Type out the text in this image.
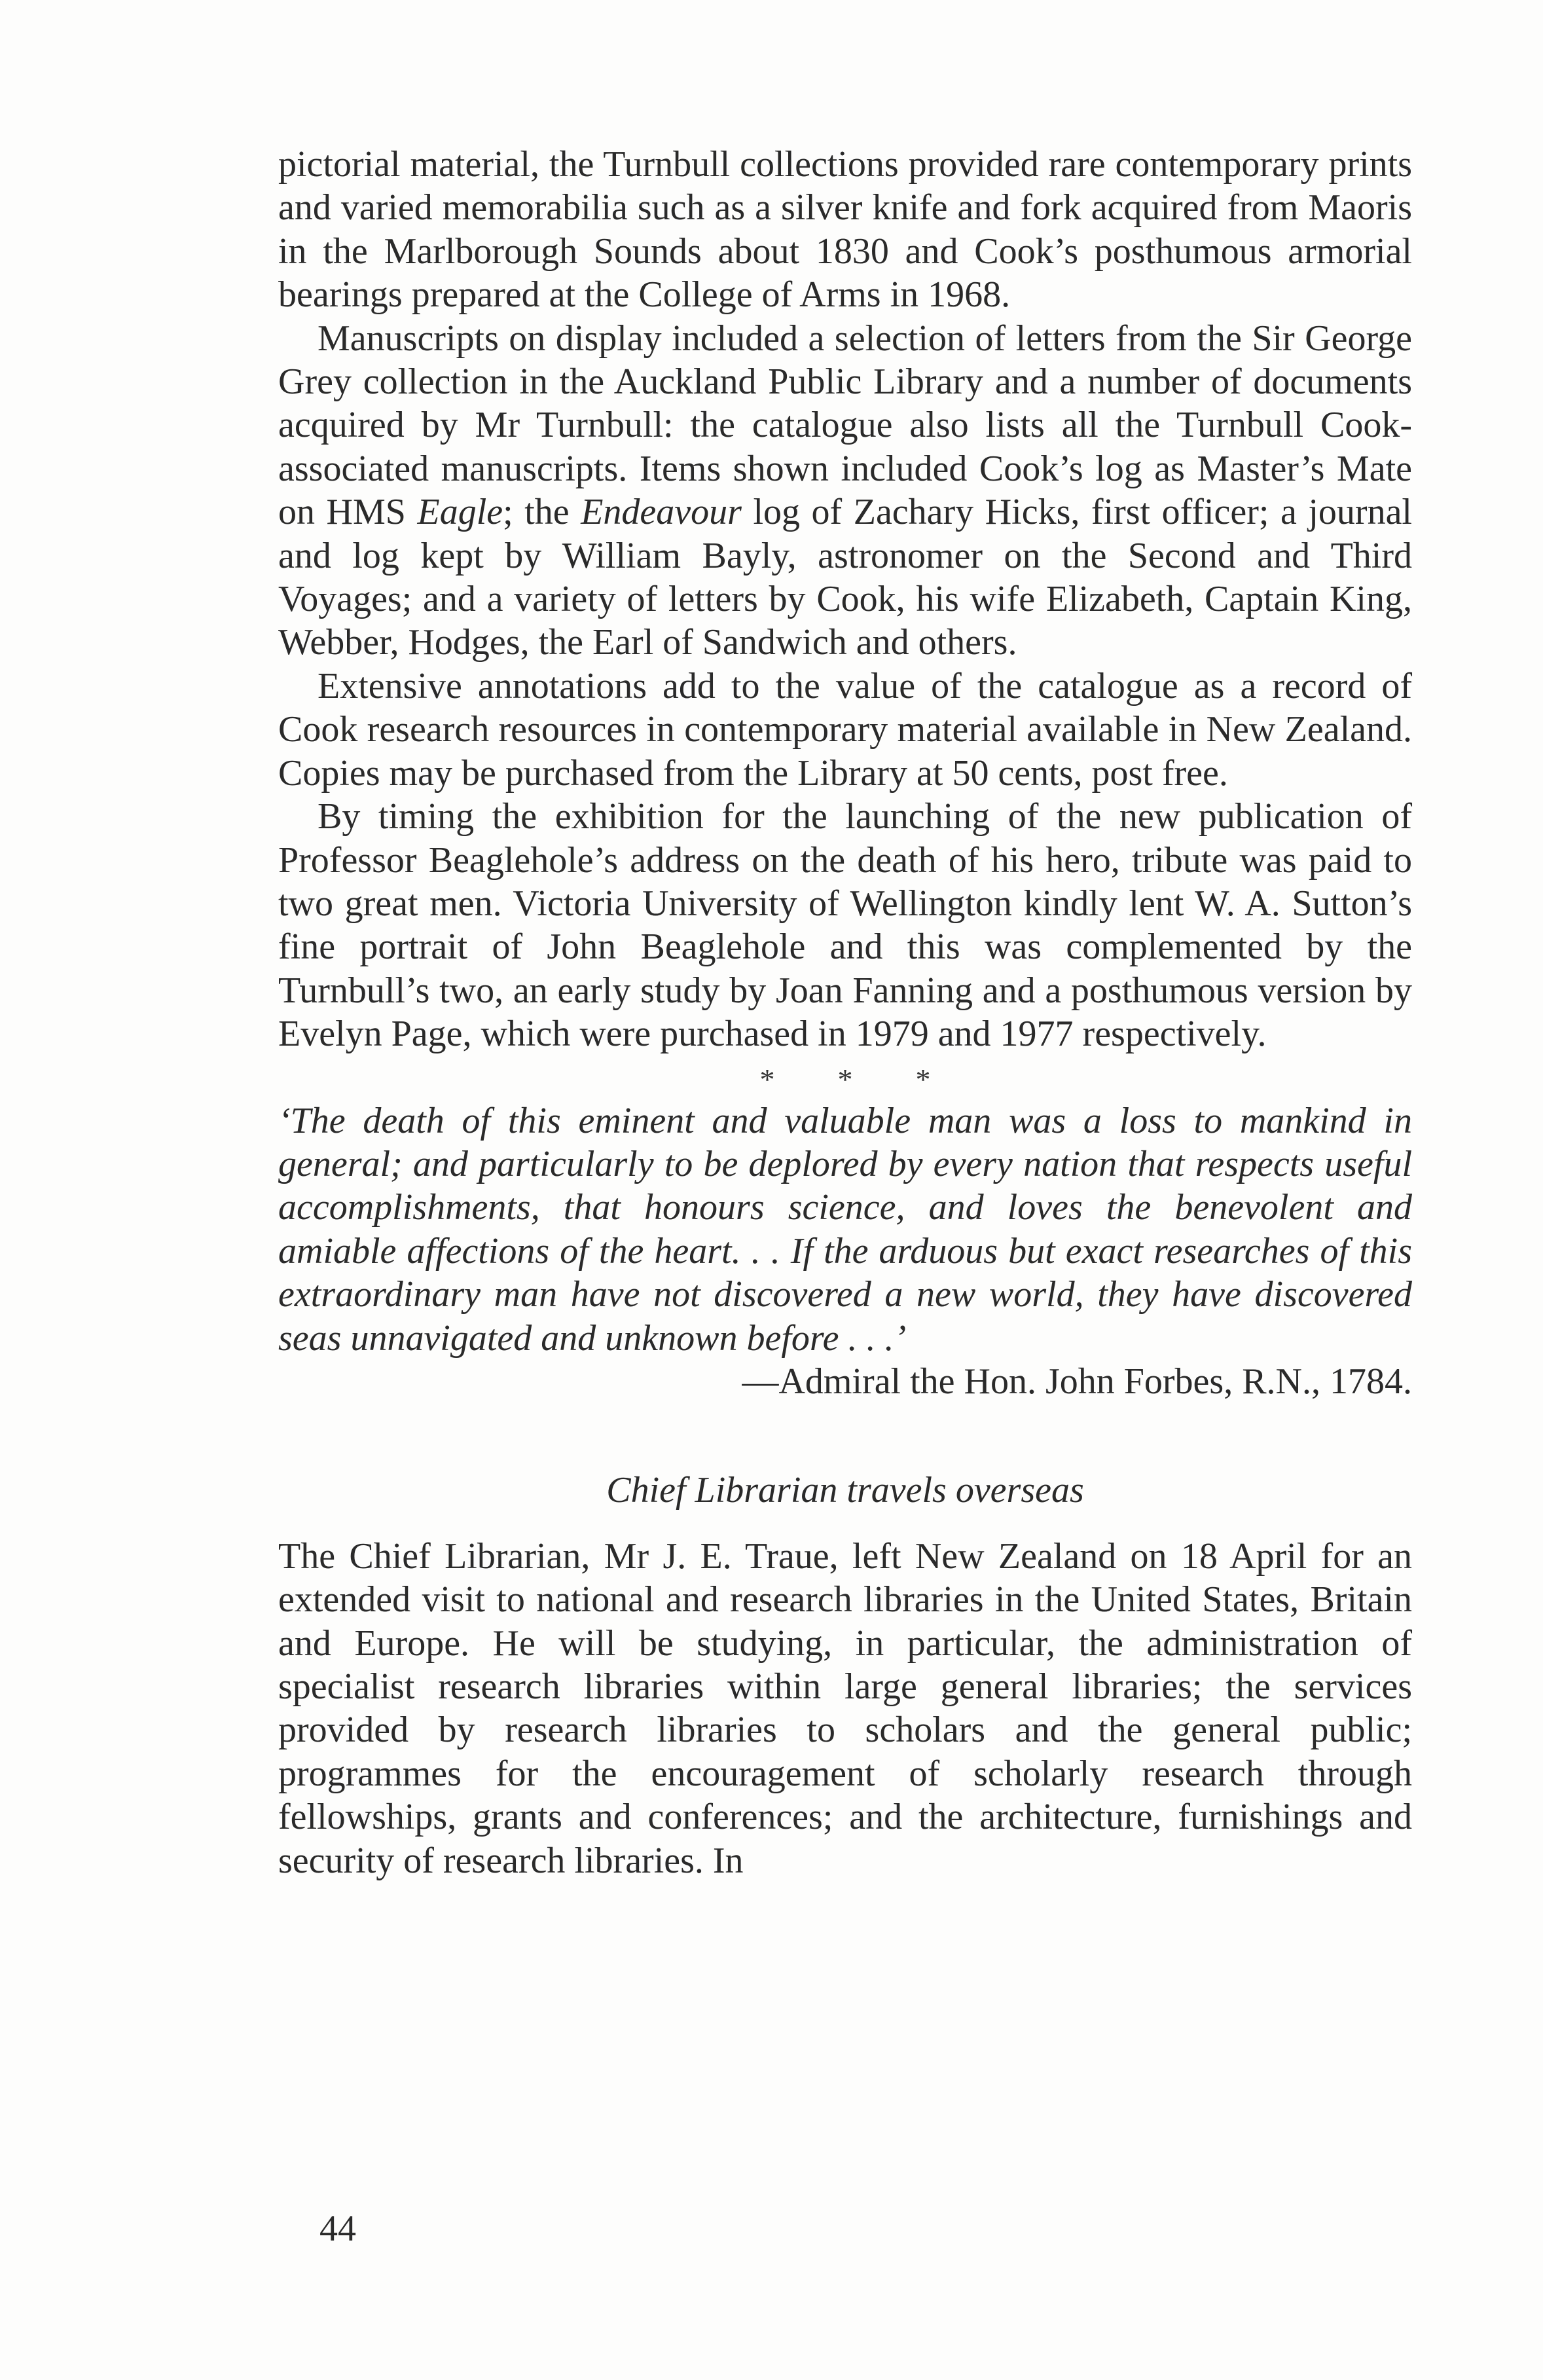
pictorial material, the Turnbull collections provided rare contemporary prints and varied memorabilia such as a silver knife and fork acquired from Maoris in the Marlborough Sounds about 1830 and Cook’s posthumous armorial bearings prepared at the College of Arms in 1968.

Manuscripts on display included a selection of letters from the Sir George Grey collection in the Auckland Public Library and a number of documents acquired by Mr Turnbull: the catalogue also lists all the Turnbull Cook-associated manuscripts. Items shown included Cook’s log as Master’s Mate on HMS Eagle; the Endeavour log of Zachary Hicks, first officer; a journal and log kept by William Bayly, astronomer on the Second and Third Voyages; and a variety of letters by Cook, his wife Elizabeth, Captain King, Webber, Hodges, the Earl of Sandwich and others.

Extensive annotations add to the value of the catalogue as a record of Cook research resources in contemporary material available in New Zealand. Copies may be purchased from the Library at 50 cents, post free.

By timing the exhibition for the launching of the new publication of Professor Beaglehole’s address on the death of his hero, tribute was paid to two great men. Victoria University of Wellington kindly lent W. A. Sutton’s fine portrait of John Beaglehole and this was complemented by the Turnbull’s two, an early study by Joan Fanning and a posthumous version by Evelyn Page, which were purchased in 1979 and 1977 respectively.

* * *

‘The death of this eminent and valuable man was a loss to mankind in general; and particularly to be deplored by every nation that respects useful accomplishments, that honours science, and loves the benevolent and amiable affections of the heart. . . If the arduous but exact researches of this extraordinary man have not discovered a new world, they have discovered seas unnavigated and unknown before . . .’

—Admiral the Hon. John Forbes, R.N., 1784.

Chief Librarian travels overseas

The Chief Librarian, Mr J. E. Traue, left New Zealand on 18 April for an extended visit to national and research libraries in the United States, Britain and Europe. He will be studying, in particular, the administration of specialist research libraries within large general libraries; the services provided by research libraries to scholars and the general public; programmes for the encouragement of scholarly research through fellowships, grants and conferences; and the architecture, furnishings and security of research libraries. In

44
